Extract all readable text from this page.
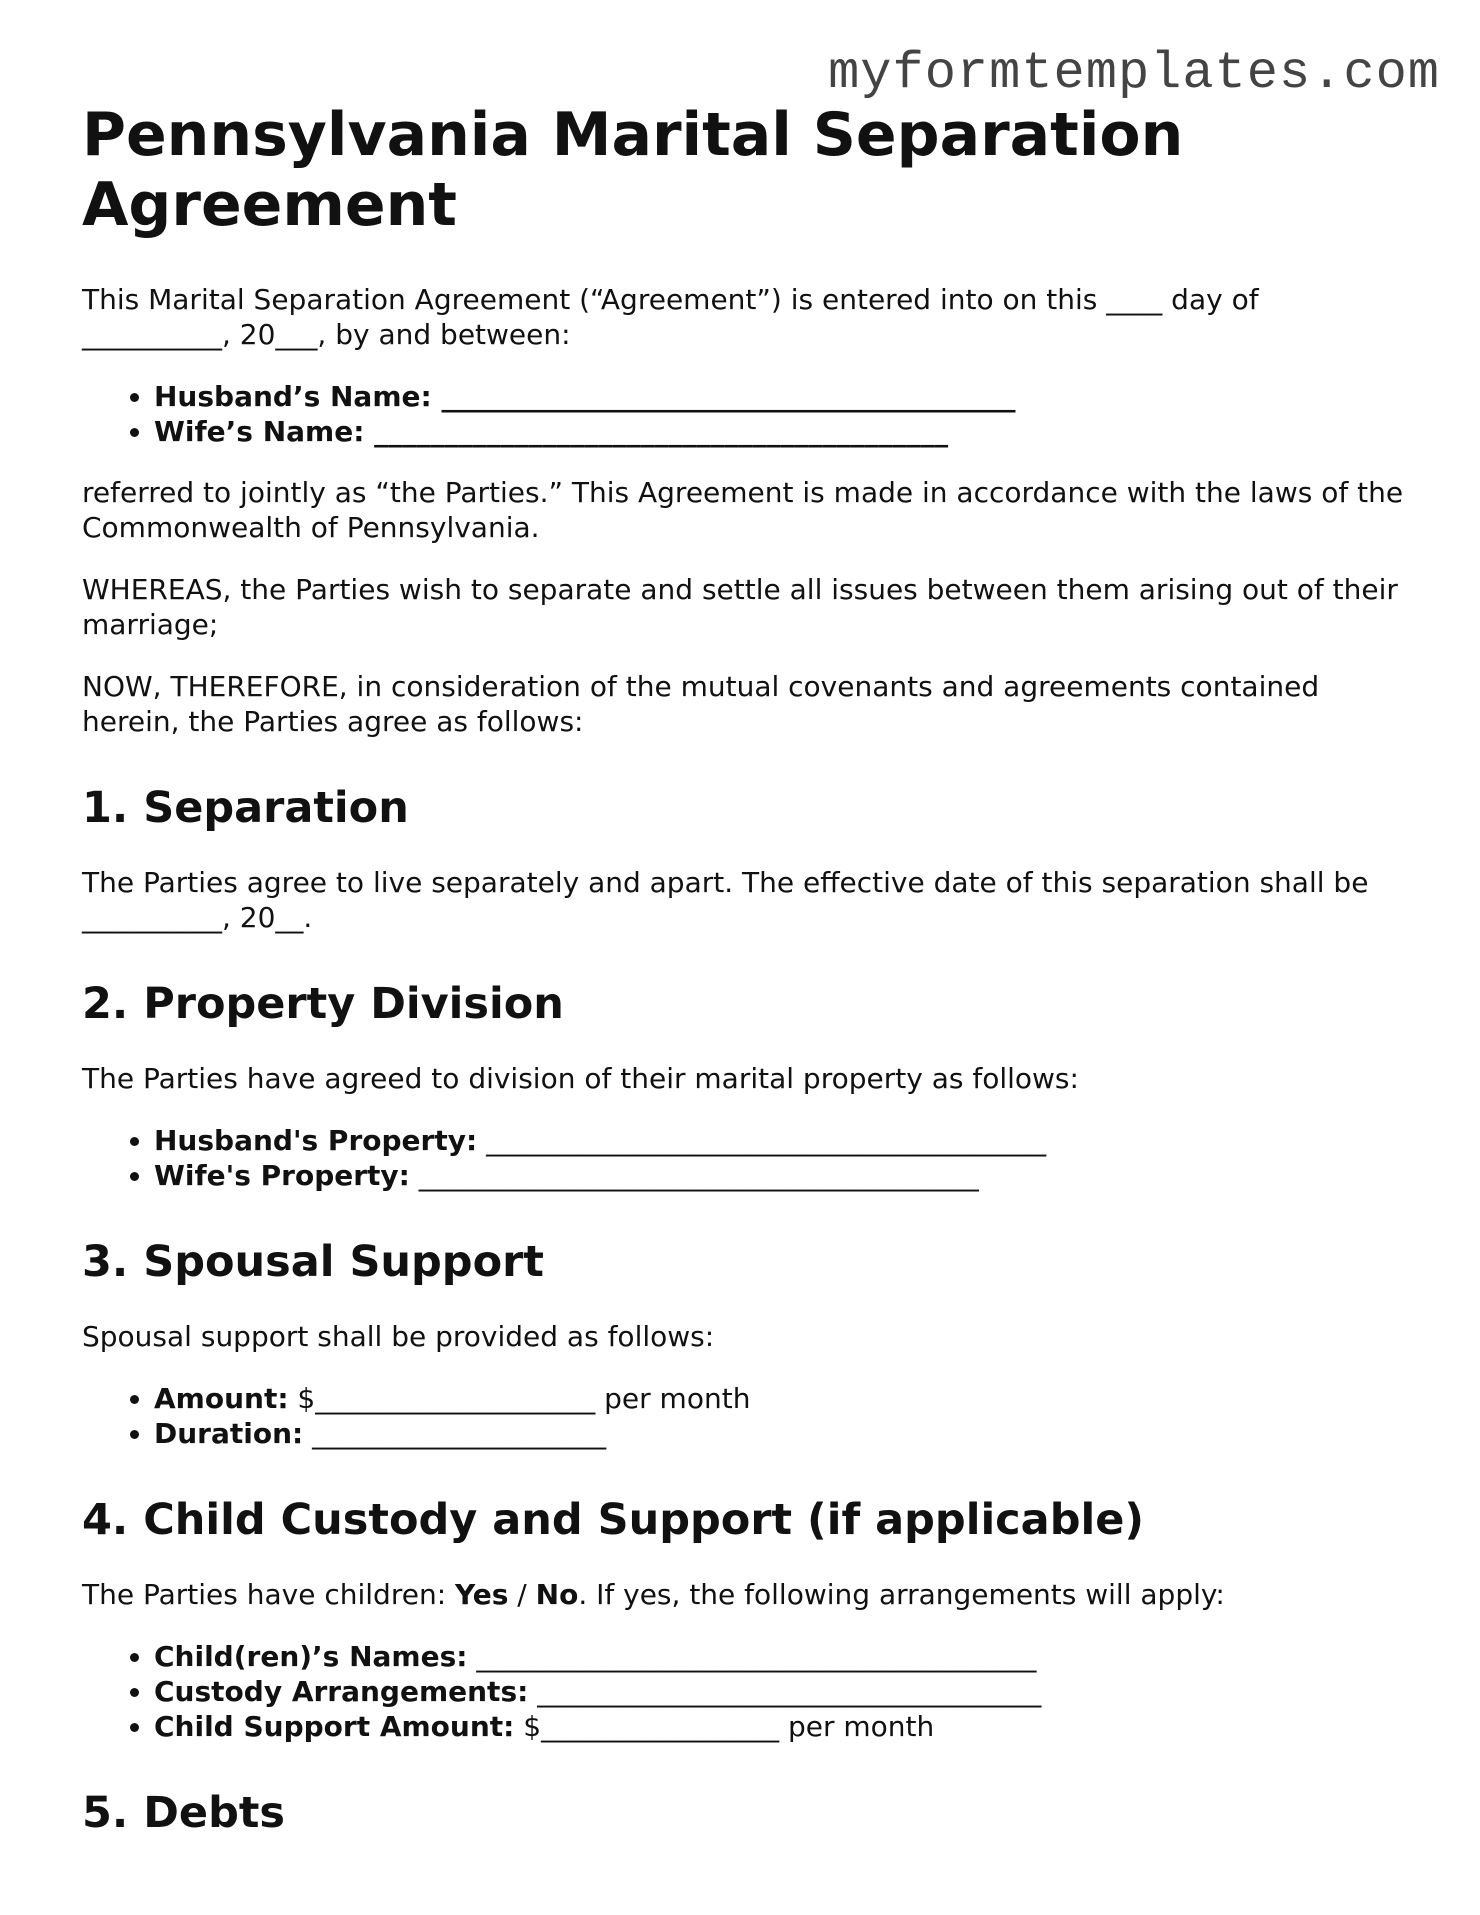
myformtemplates.com
Pennsylvania Marital Separation Agreement

This Marital Separation Agreement (“Agreement”) is entered into on this ____ day of __________, 20___, by and between:

• Husband’s Name: _________________________________________
• Wife’s Name: _________________________________________

referred to jointly as “the Parties.” This Agreement is made in accordance with the laws of the Commonwealth of Pennsylvania.

WHEREAS, the Parties wish to separate and settle all issues between them arising out of their marriage;

NOW, THEREFORE, in consideration of the mutual covenants and agreements contained herein, the Parties agree as follows:

1. Separation

The Parties agree to live separately and apart. The effective date of this separation shall be __________, 20__.

2. Property Division

The Parties have agreed to division of their marital property as follows:

• Husband's Property: ________________________________________
• Wife's Property: ________________________________________
3. Spousal Support

Spousal support shall be provided as follows:

• Amount: $____________________ per month
• Duration: _____________________
4. Child Custody and Support (if applicable)

The Parties have children: Yes / No. If yes, the following arrangements will apply:

• Child(ren)’s Names: ________________________________________
• Custody Arrangements: ____________________________________
• Child Support Amount: $_________________ per month
5. Debts
